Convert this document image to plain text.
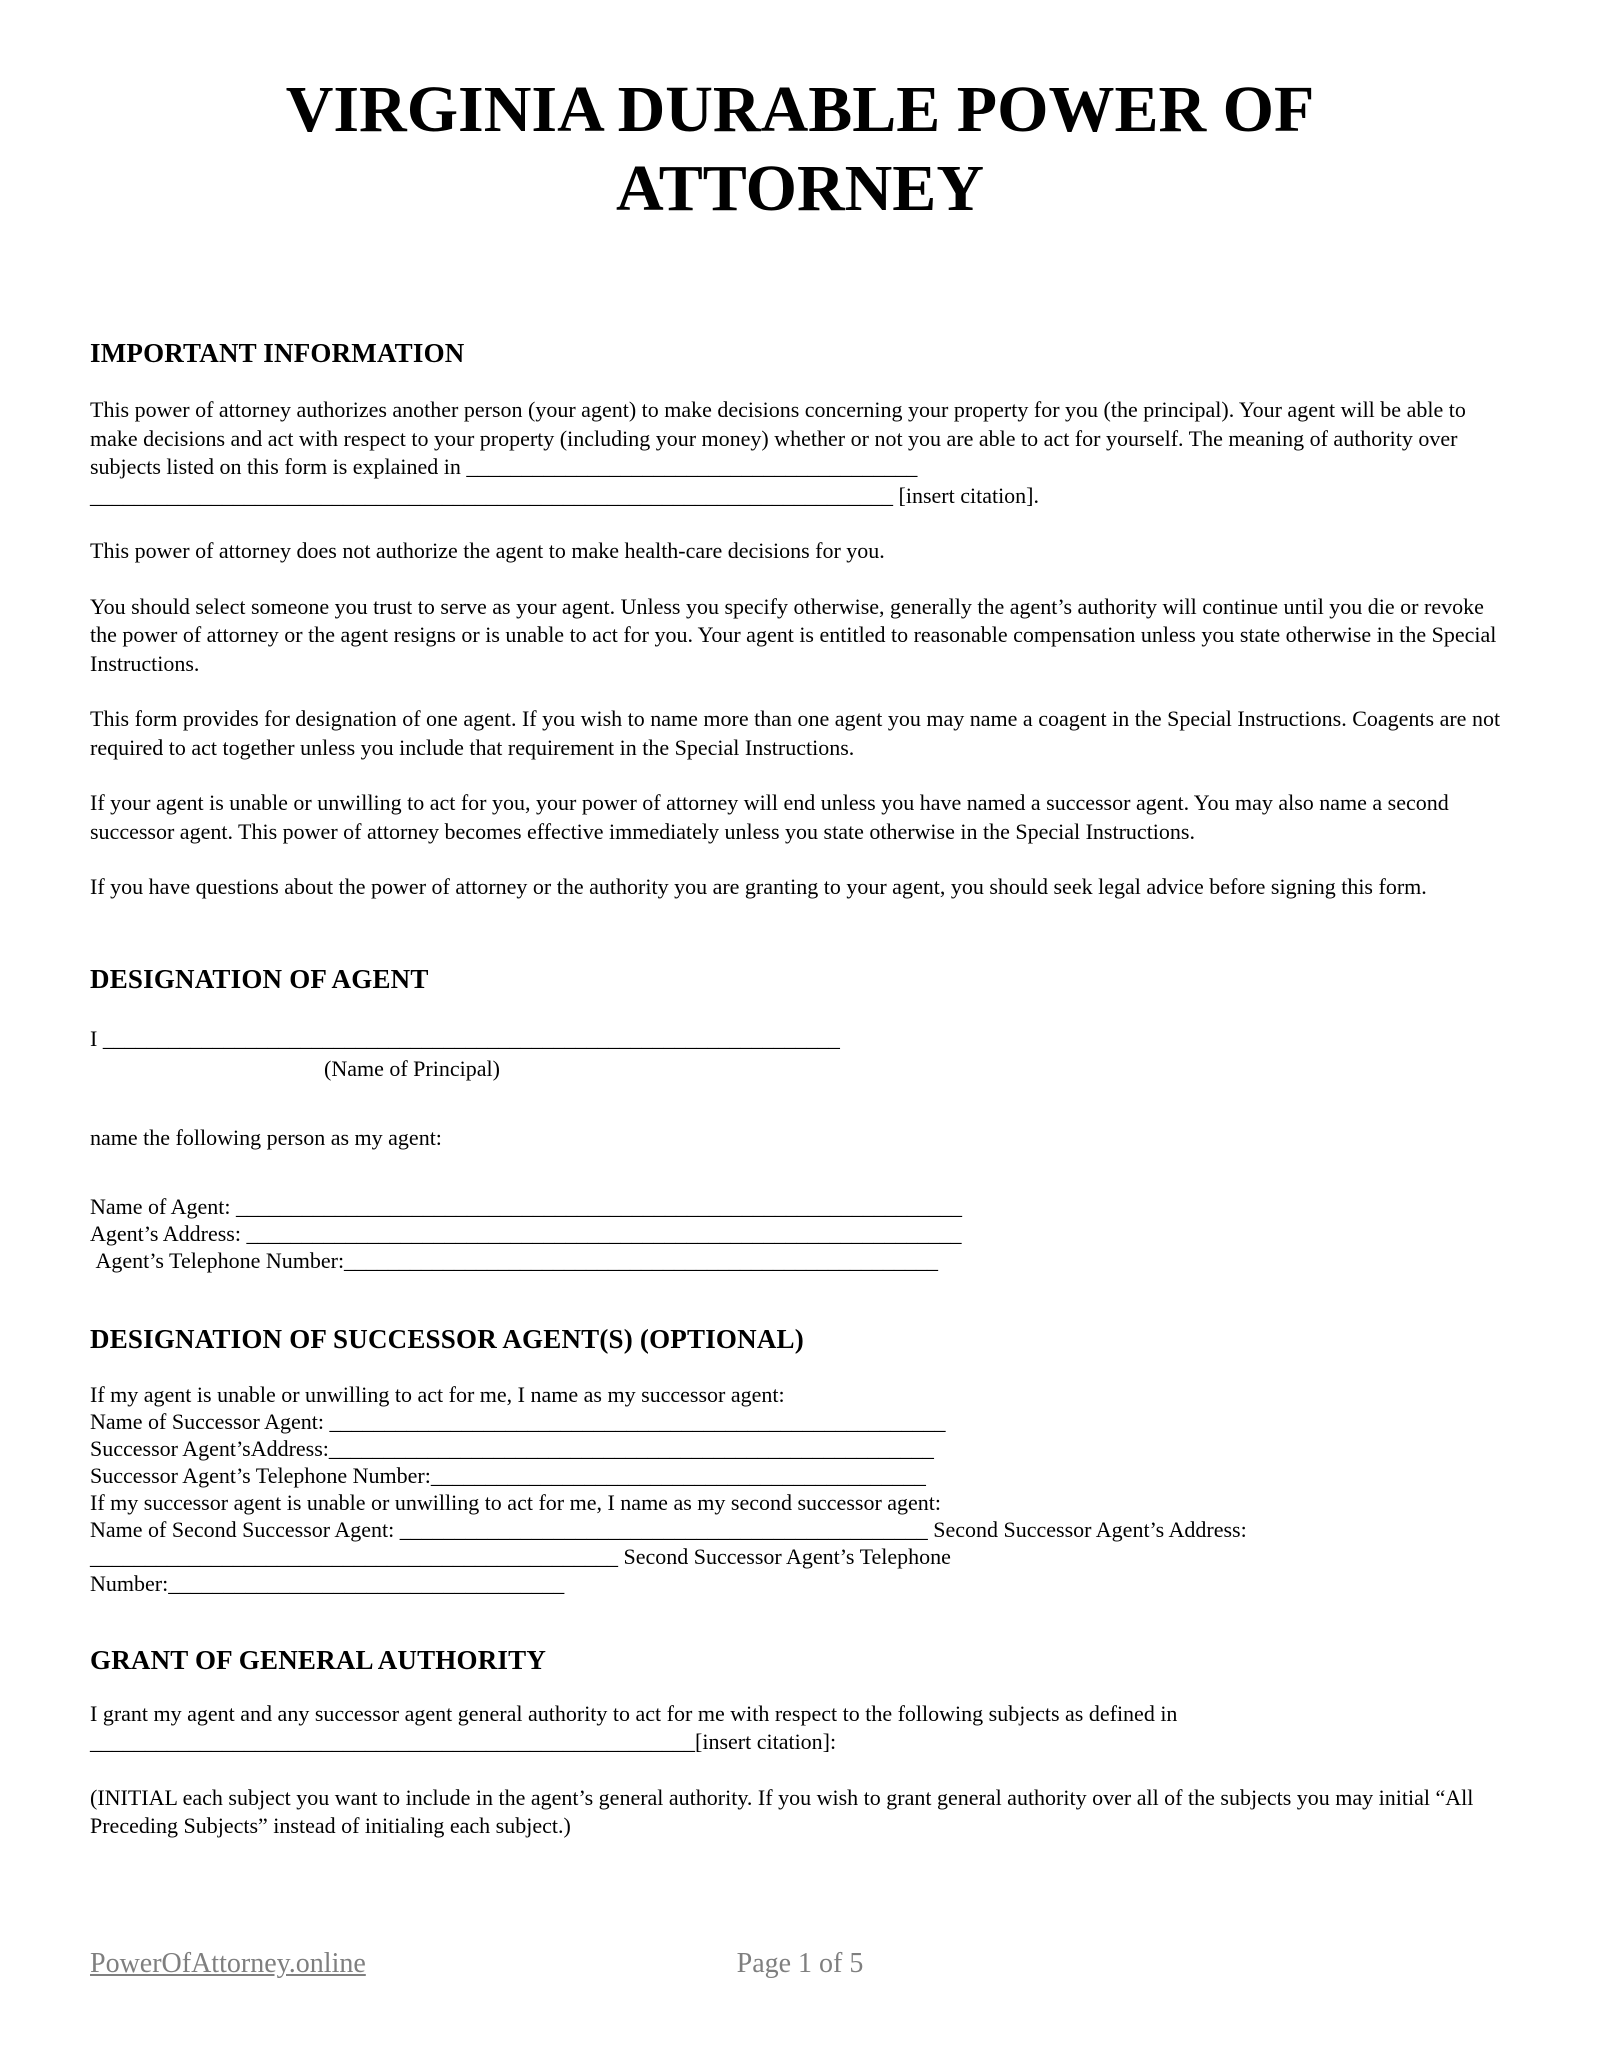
VIRGINIA DURABLE POWER OF
ATTORNEY
IMPORTANT INFORMATION

This power of attorney authorizes another person (your agent) to make decisions concerning your property for you (the principal). Your agent will be able to make decisions and act with respect to your property (including your money) whether or not you are able to act for yourself. The meaning of authority over subjects listed on this form is explained in _________________________________________ _________________________________________________________________________ [insert citation].

This power of attorney does not authorize the agent to make health-care decisions for you.

You should select someone you trust to serve as your agent. Unless you specify otherwise, generally the agent’s authority will continue until you die or revoke the power of attorney or the agent resigns or is unable to act for you. Your agent is entitled to reasonable compensation unless you state otherwise in the Special Instructions.

This form provides for designation of one agent. If you wish to name more than one agent you may name a coagent in the Special Instructions. Coagents are not required to act together unless you include that requirement in the Special Instructions.

If your agent is unable or unwilling to act for you, your power of attorney will end unless you have named a successor agent. You may also name a second successor agent. This power of attorney becomes effective immediately unless you state otherwise in the Special Instructions.

If you have questions about the power of attorney or the authority you are granting to your agent, you should seek legal advice before signing this form.

DESIGNATION OF AGENT
I ___________________________________________________________________
(Name of Principal)

name the following person as my agent:

Name of Agent: __________________________________________________________________
Agent’s Address: _________________________________________________________________
Agent’s Telephone Number:______________________________________________________
DESIGNATION OF SUCCESSOR AGENT(S) (OPTIONAL)
If my agent is unable or unwilling to act for me, I name as my successor agent:
Name of Successor Agent: ________________________________________________________
Successor Agent’sAddress:_______________________________________________________
Successor Agent’s Telephone Number:_____________________________________________
If my successor agent is unable or unwilling to act for me, I name as my second successor agent:
Name of Second Successor Agent: ________________________________________________ Second Successor Agent’s Address:
________________________________________________ Second Successor Agent’s Telephone
Number:____________________________________
GRANT OF GENERAL AUTHORITY
I grant my agent and any successor agent general authority to act for me with respect to the following subjects as defined in
_______________________________________________________[insert citation]:

(INITIAL each subject you want to include in the agent’s general authority. If you wish to grant general authority over all of the subjects you may initial “All Preceding Subjects” instead of initialing each subject.)

PowerOfAttorney.online	Page 1 of 5
